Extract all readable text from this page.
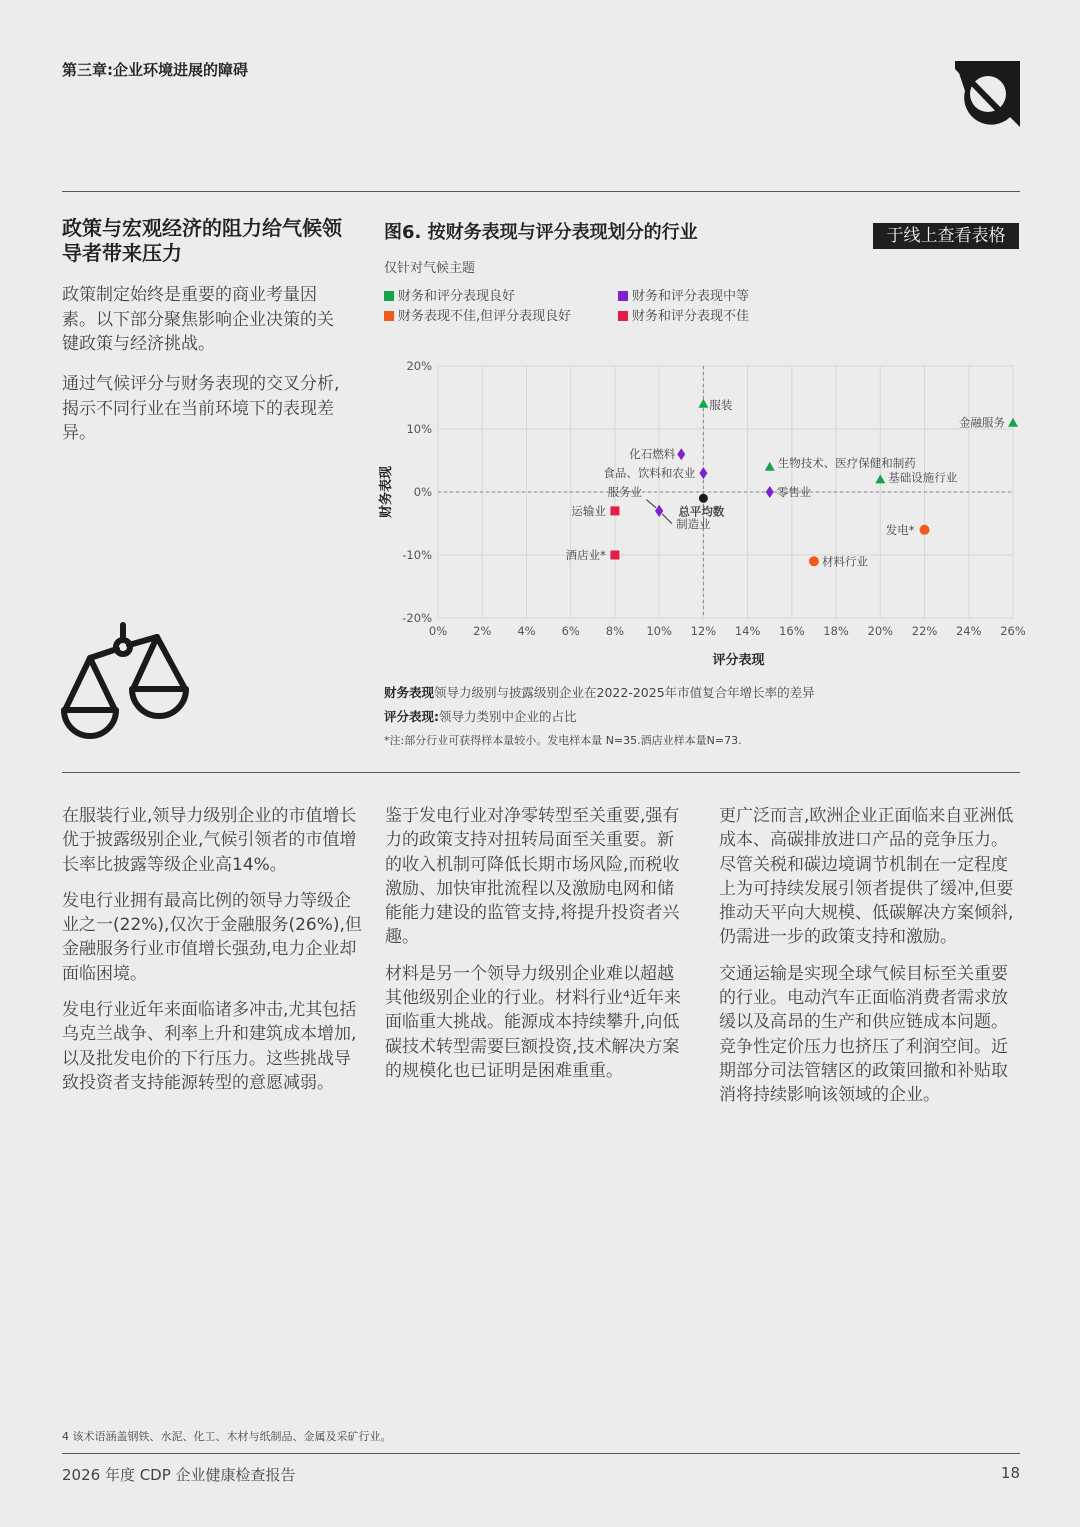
第三章:企业环境进展的障碍
政策与宏观经济的阻力给气候领导者带来压力
政策制定始终是重要的商业考量因素。以下部分聚焦影响企业决策的关键政策与经济挑战。
通过气候评分与财务表现的交叉分析,揭示不同行业在当前环境下的表现差异。
图6. 按财务表现与评分表现划分的行业	于线上查看表格
仅针对气候主题
财务和评分表现良好	财务和评分表现中等
财务表现不佳,但评分表现良好	财务和评分表现不佳
0% 2% 4% 6% 8% 10% 12% 14% 16% 18% 20% 22% 24% 26%
20%
10%
0%
-10%
-20%
评分表现
财务表现
服装
金融服务
生物技术、医疗保健和制药
基础设施行业
化石燃料
食品、饮料和农业
零售业
服务业
制造业	发电*
材料行业
运输业
酒店业*
总平均数
财务表现领导力级别与披露级别企业在2022-2025年市值复合年增长率的差异
评分表现:领导力类别中企业的占比
*注:部分行业可获得样本量较小。发电样本量 N=35.酒店业样本量N=73.

在服装行业,领导力级别企业的市值增长优于披露级别企业,气候引领者的市值增长率比披露等级企业高14%。

发电行业拥有最高比例的领导力等级企业之一(22%),仅次于金融服务(26%),但金融服务行业市值增长强劲,电力企业却面临困境。

发电行业近年来面临诸多冲击,尤其包括乌克兰战争、利率上升和建筑成本增加,以及批发电价的下行压力。这些挑战导致投资者支持能源转型的意愿减弱。

鉴于发电行业对净零转型至关重要,强有力的政策支持对扭转局面至关重要。新的收入机制可降低长期市场风险,而税收激励、加快审批流程以及激励电网和储能能力建设的监管支持,将提升投资者兴趣。

材料是另一个领导力级别企业难以超越其他级别企业的行业。材料行业⁴近年来面临重大挑战。能源成本持续攀升,向低碳技术转型需要巨额投资,技术解决方案的规模化也已证明是困难重重。

更广泛而言,欧洲企业正面临来自亚洲低成本、高碳排放进口产品的竞争压力。尽管关税和碳边境调节机制在一定程度上为可持续发展引领者提供了缓冲,但要推动天平向大规模、低碳解决方案倾斜,仍需进一步的政策支持和激励。

交通运输是实现全球气候目标至关重要的行业。电动汽车正面临消费者需求放缓以及高昂的生产和供应链成本问题。竞争性定价压力也挤压了利润空间。近期部分司法管辖区的政策回撤和补贴取消将持续影响该领域的企业。

4 该术语涵盖钢铁、水泥、化工、木材与纸制品、金属及采矿行业。
2026 年度 CDP 企业健康检查报告	18
